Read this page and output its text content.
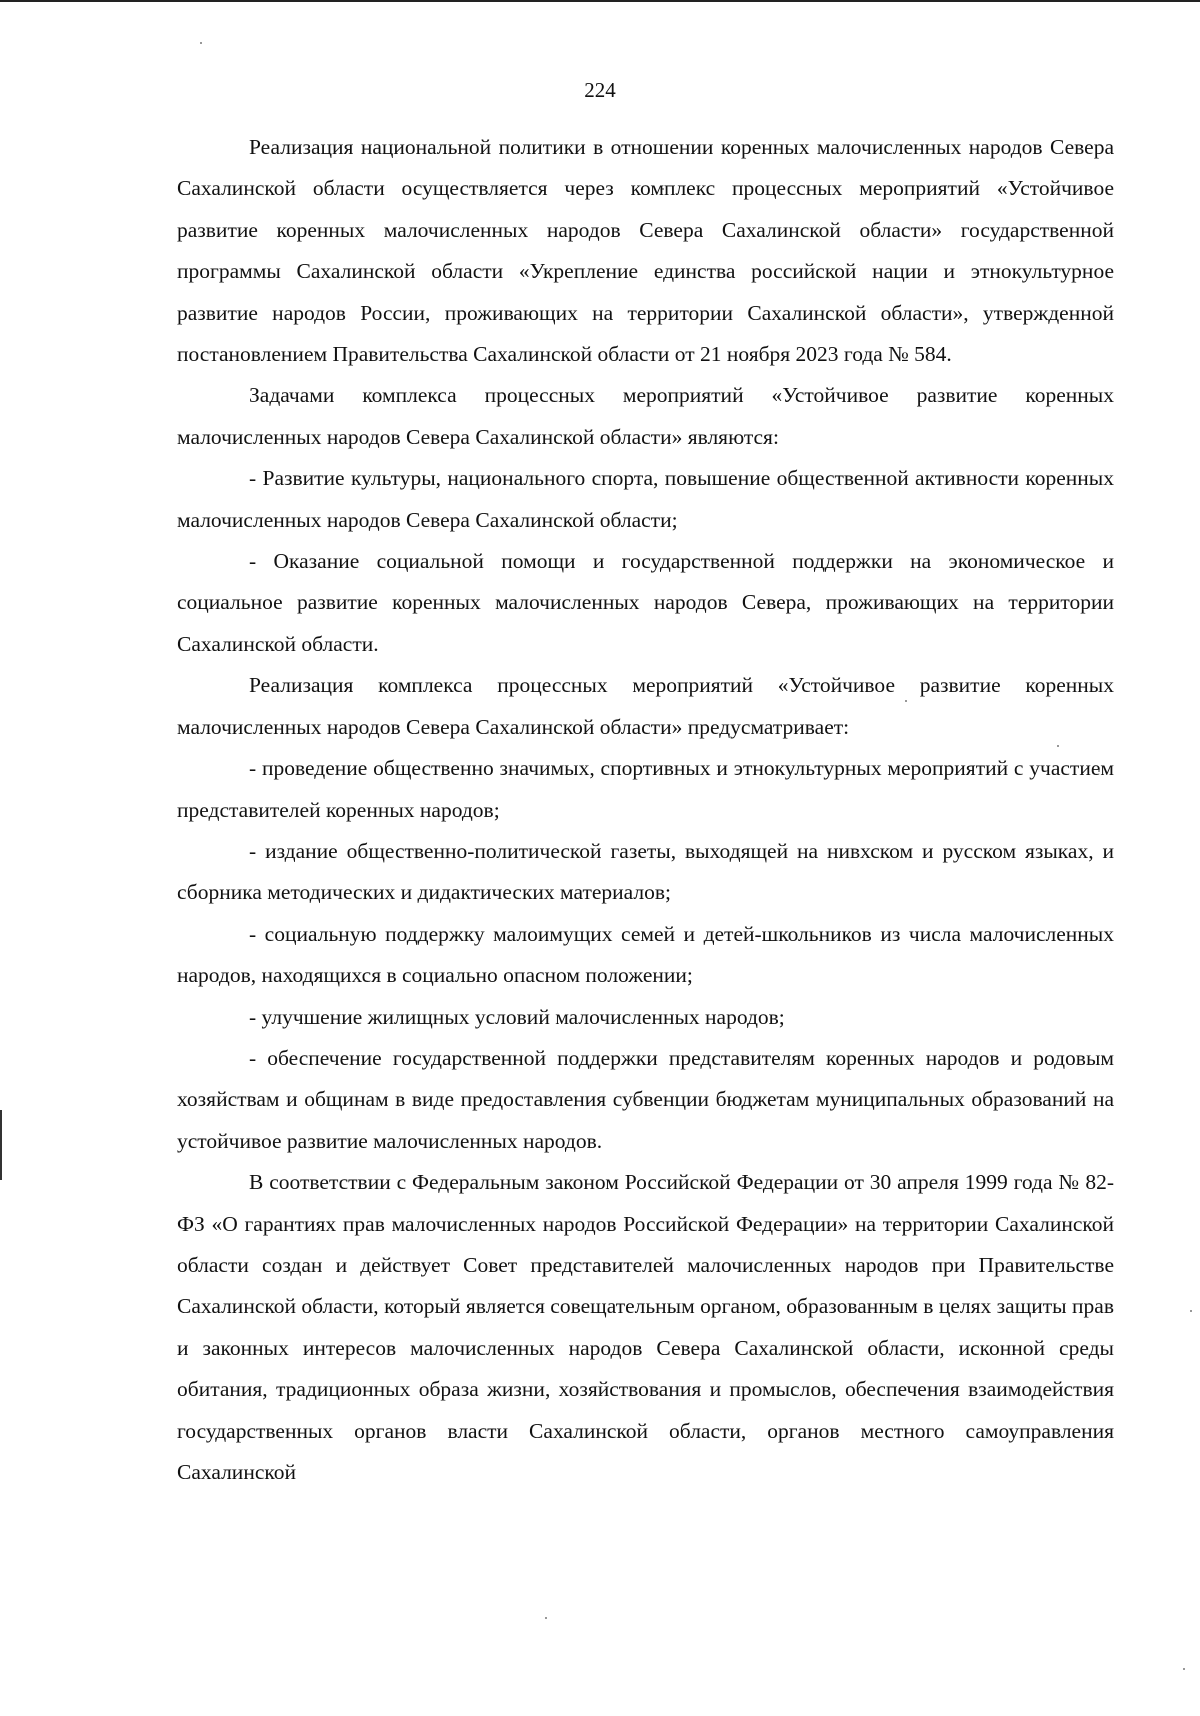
224

Реализация национальной политики в отношении коренных малочисленных народов Севера Сахалинской области осуществляется через комплекс процессных мероприятий «Устойчивое развитие коренных малочисленных народов Севера Сахалинской области» государственной программы Сахалинской области «Укрепление единства российской нации и этнокультурное развитие народов России, проживающих на территории Сахалинской области», утвержденной постановлением Правительства Сахалинской области от 21 ноября 2023 года № 584.

Задачами комплекса процессных мероприятий «Устойчивое развитие коренных малочисленных народов Севера Сахалинской области» являются:

- Развитие культуры, национального спорта, повышение общественной активности коренных малочисленных народов Севера Сахалинской области;

- Оказание социальной помощи и государственной поддержки на экономическое и социальное развитие коренных малочисленных народов Севера, проживающих на территории Сахалинской области.

Реализация комплекса процессных мероприятий «Устойчивое развитие коренных малочисленных народов Севера Сахалинской области» предусматривает:

- проведение общественно значимых, спортивных и этнокультурных мероприятий с участием представителей коренных народов;

- издание общественно-политической газеты, выходящей на нивхском и русском языках, и сборника методических и дидактических материалов;

- социальную поддержку малоимущих семей и детей-школьников из числа малочисленных народов, находящихся в социально опасном положении;

- улучшение жилищных условий малочисленных народов;

- обеспечение государственной поддержки представителям коренных народов и родовым хозяйствам и общинам в виде предоставления субвенции бюджетам муниципальных образований на устойчивое развитие малочисленных народов.

В соответствии с Федеральным законом Российской Федерации от 30 апреля 1999 года № 82-ФЗ «О гарантиях прав малочисленных народов Российской Федерации» на территории Сахалинской области создан и действует Совет представителей малочисленных народов при Правительстве Сахалинской области, который является совещательным органом, образованным в целях защиты прав и законных интересов малочисленных народов Севера Сахалинской области, исконной среды обитания, традиционных образа жизни, хозяйствования и промыслов, обеспечения взаимодействия государственных органов власти Сахалинской области, органов местного самоуправления Сахалинской
